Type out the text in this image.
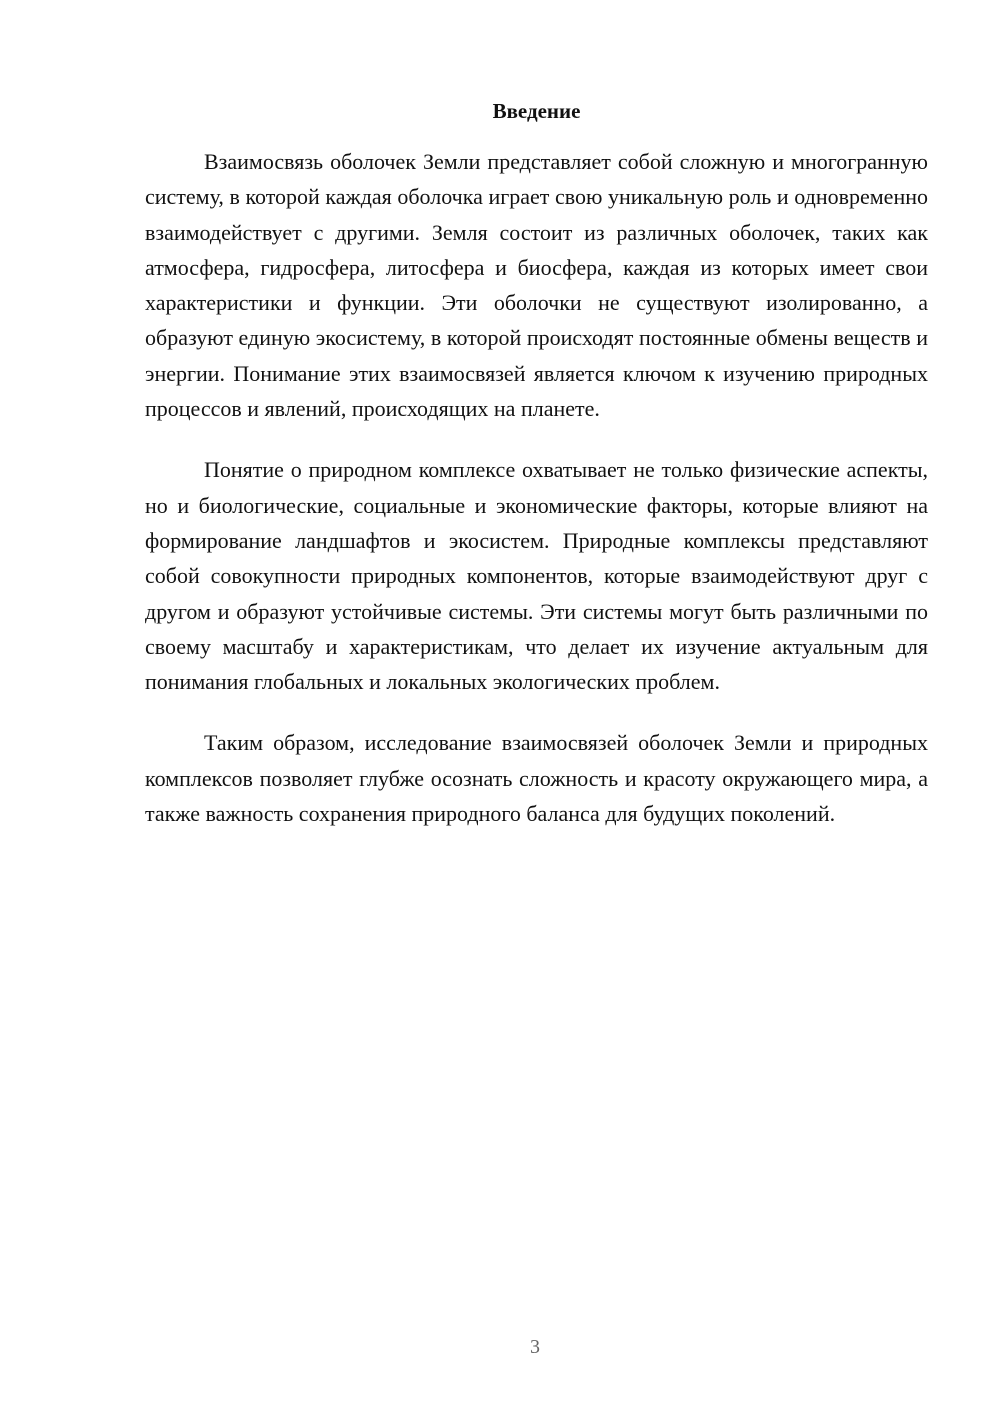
Введение

Взаимосвязь оболочек Земли представляет собой сложную и многогранную систему, в которой каждая оболочка играет свою уникальную роль и одновременно взаимодействует с другими. Земля состоит из различных оболочек, таких как атмосфера, гидросфера, литосфера и биосфера, каждая из которых имеет свои характеристики и функции. Эти оболочки не существуют изолированно, а образуют единую экосистему, в которой происходят постоянные обмены веществ и энергии. Понимание этих взаимосвязей является ключом к изучению природных процессов и явлений, происходящих на планете.

Понятие о природном комплексе охватывает не только физические аспекты, но и биологические, социальные и экономические факторы, которые влияют на формирование ландшафтов и экосистем. Природные комплексы представляют собой совокупности природных компонентов, которые взаимодействуют друг с другом и образуют устойчивые системы. Эти системы могут быть различными по своему масштабу и характеристикам, что делает их изучение актуальным для понимания глобальных и локальных экологических проблем.

Таким образом, исследование взаимосвязей оболочек Земли и природных комплексов позволяет глубже осознать сложность и красоту окружающего мира, а также важность сохранения природного баланса для будущих поколений.

3
